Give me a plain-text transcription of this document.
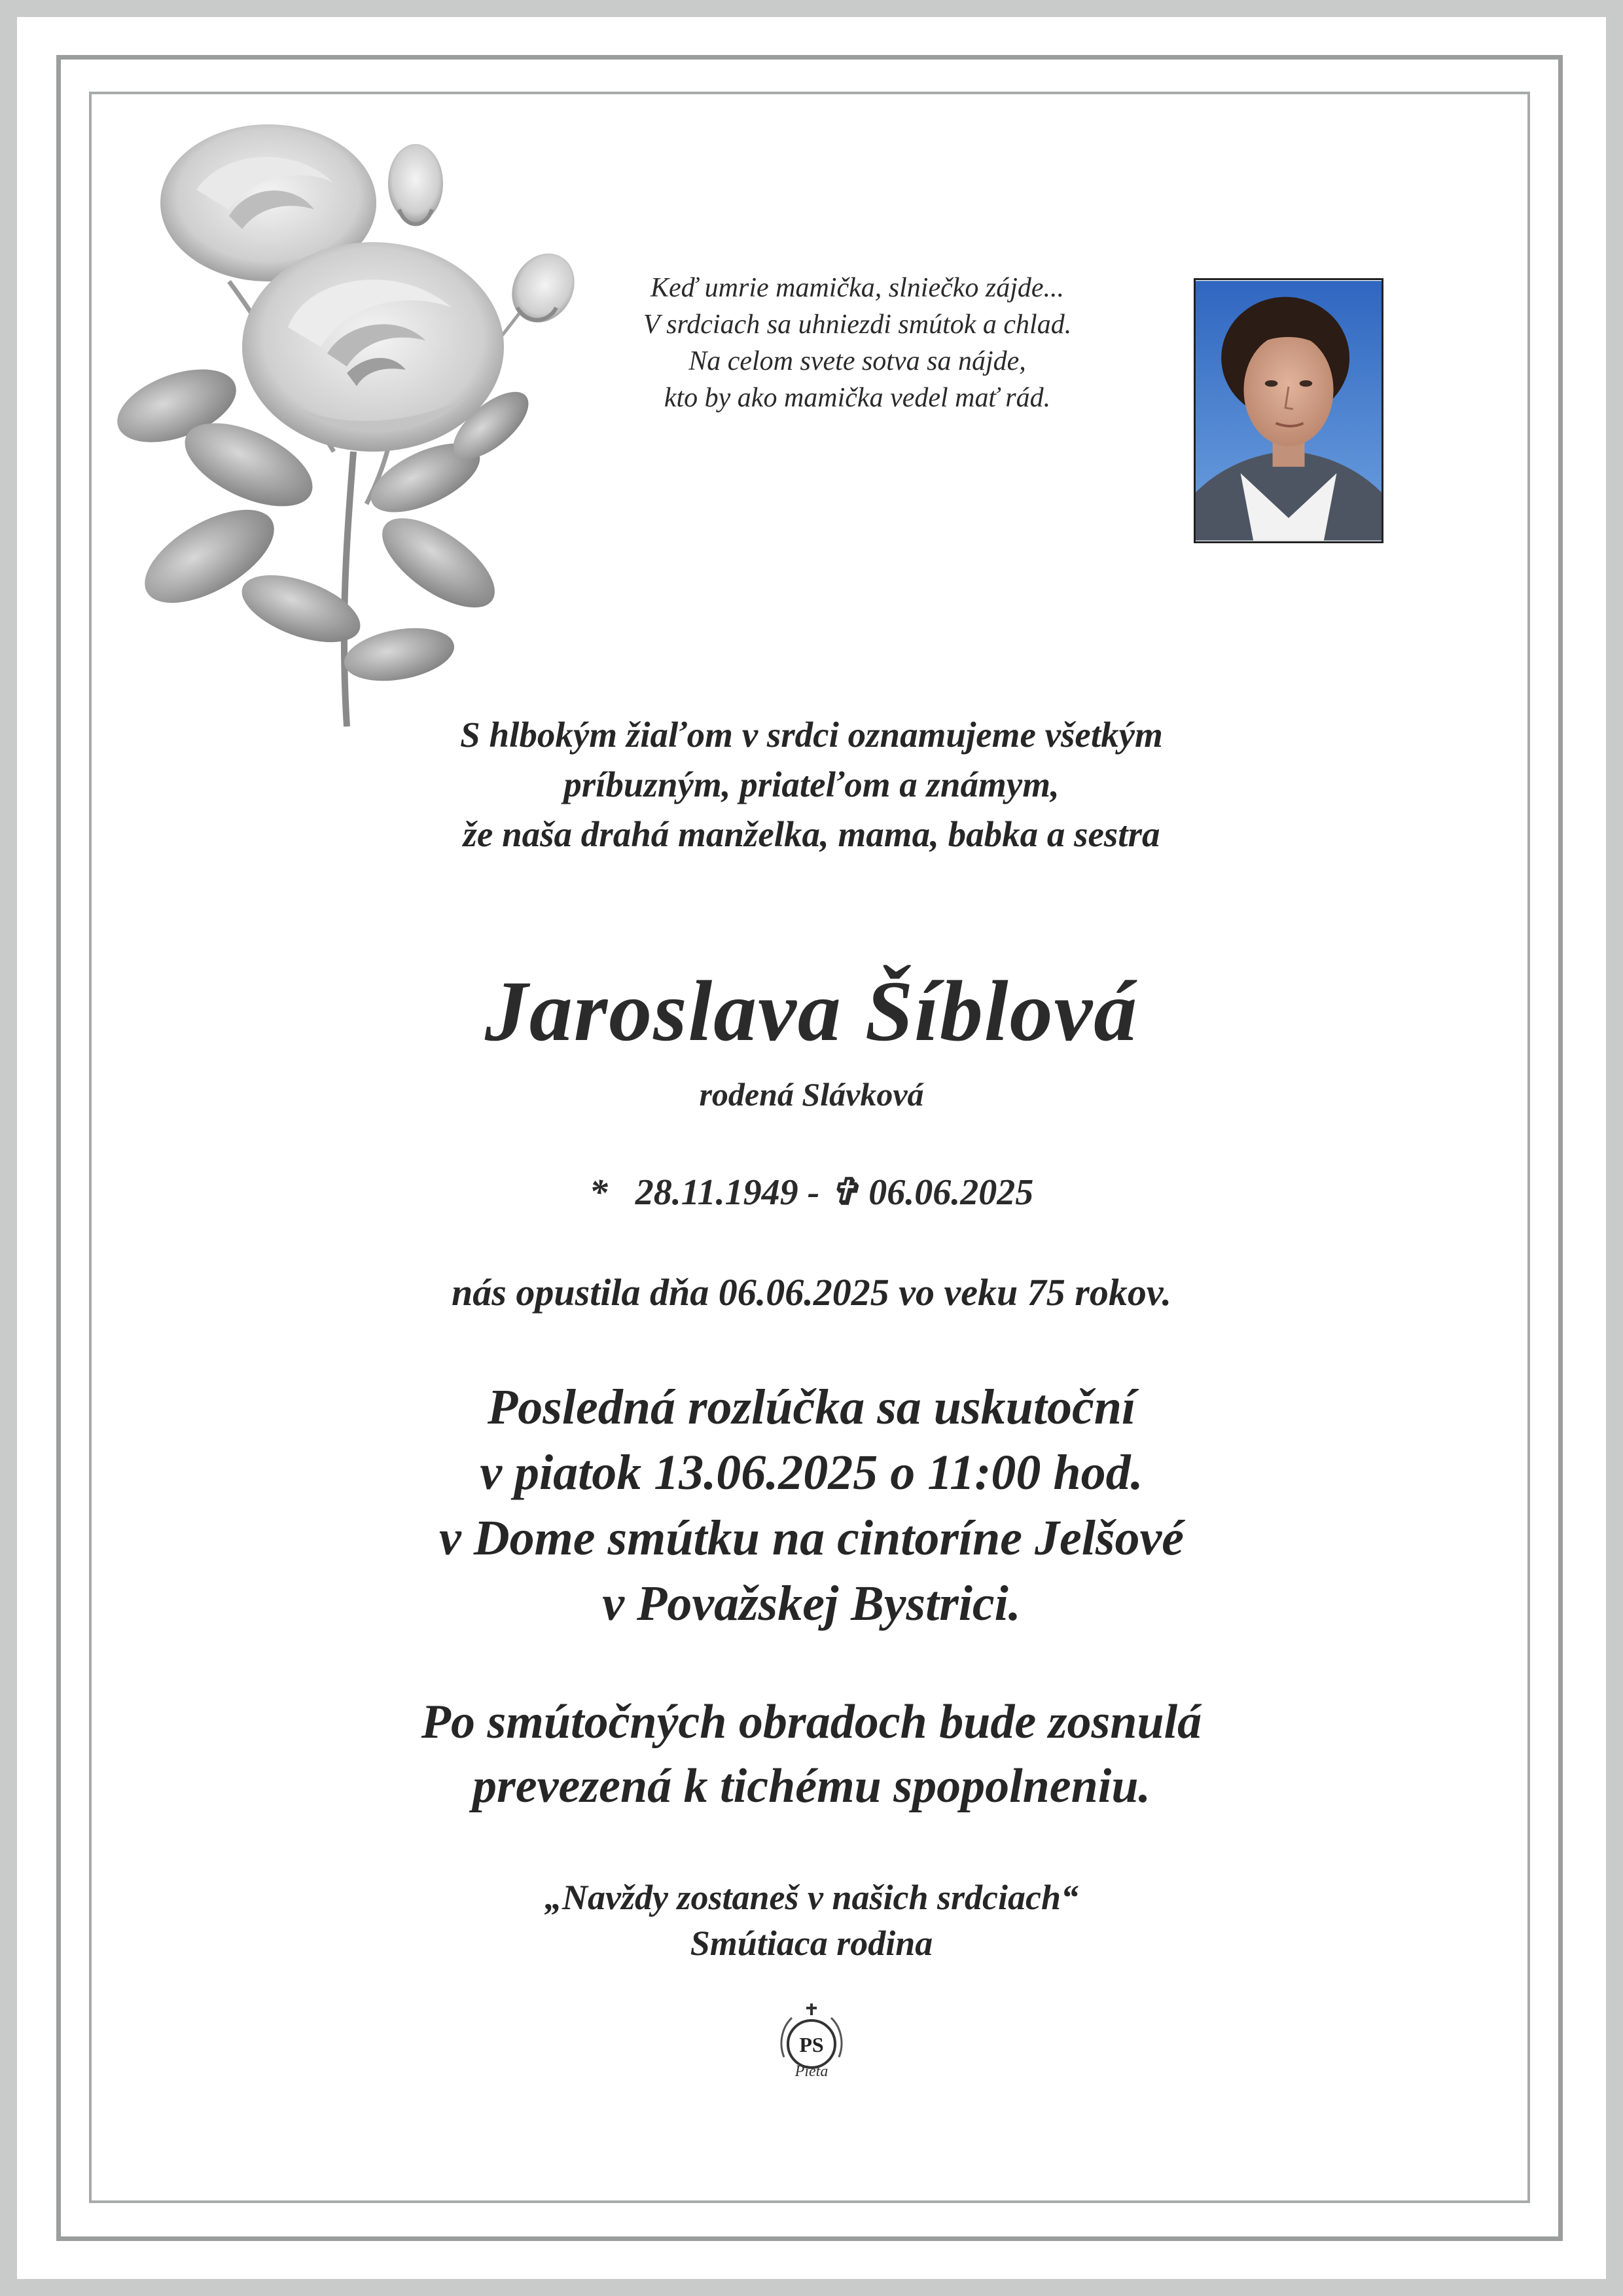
Keď umrie mamička, slniečko zájde...
V srdciach sa uhniezdi smútok a chlad.
Na celom svete sotva sa nájde,
kto by ako mamička vedel mať rád.
S hlbokým žiaľom v srdci oznamujeme všetkým
príbuzným, priateľom a známym,
že naša drahá manželka, mama, babka a sestra
Jaroslava Šíblová
rodená Slávková
* 28.11.1949 - ✞ 06.06.2025
nás opustila dňa 06.06.2025 vo veku 75 rokov.
Posledná rozlúčka sa uskutoční
v piatok 13.06.2025 o 11:00 hod.
v Dome smútku na cintoríne Jelšové
v Považskej Bystrici.
Po smútočných obradoch bude zosnulá
prevezená k tichému spopolneniu.
„Navždy zostaneš v našich srdciach“
Smútiaca rodina
PS
Pieta
